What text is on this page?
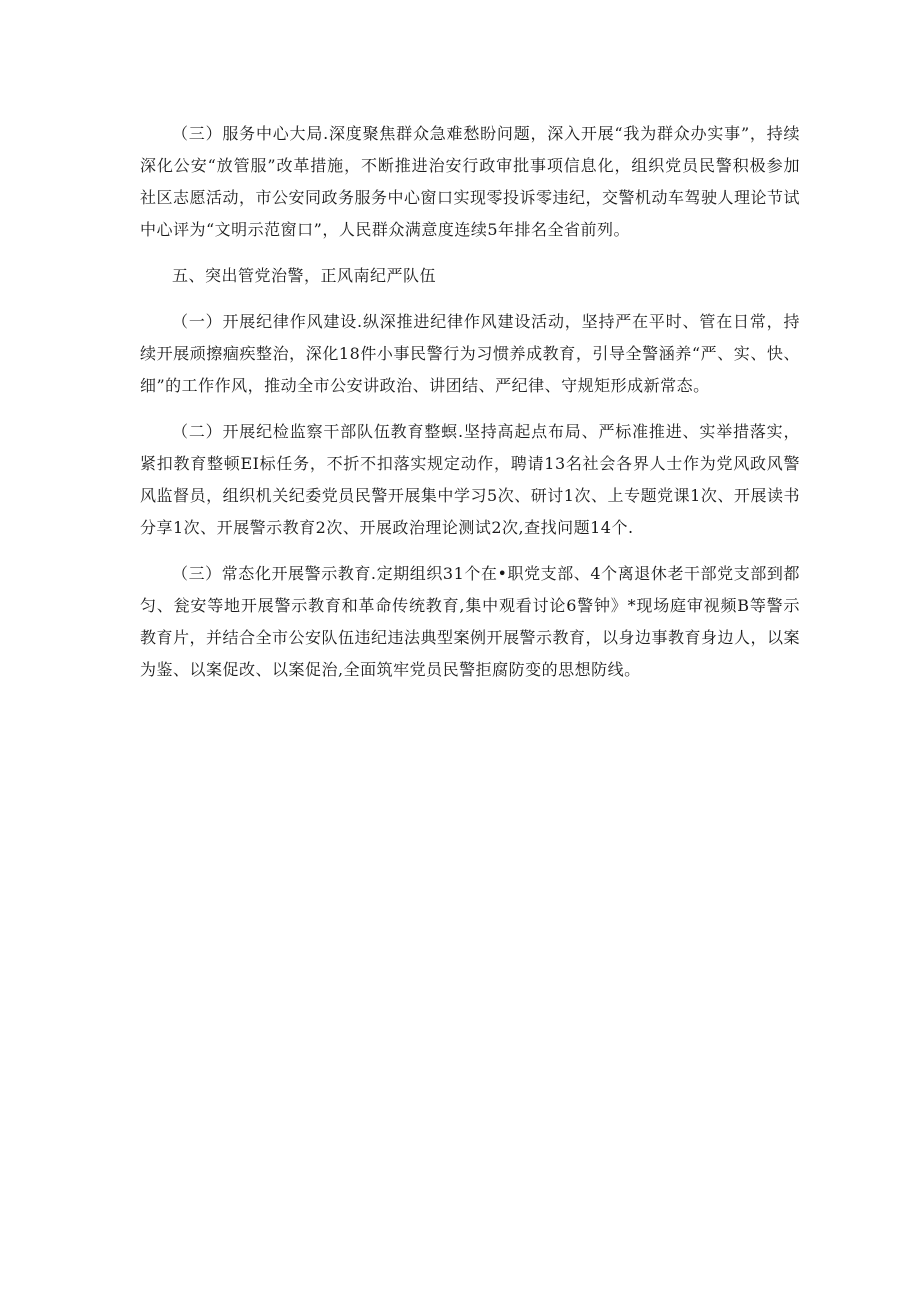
（三）服务中心大局.深度聚焦群众急难愁盼问题，深入开展“我为群众办实事”，持续深化公安“放管服”改革措施，不断推进治安行政审批事项信息化，组织党员民警积极参加社区志愿活动，市公安同政务服务中心窗口实现零投诉零违纪，交警机动车驾驶人理论节试中心评为“文明示范窗口”，人民群众满意度连续5年排名全省前列。

五、突出管党治警，正风南纪严队伍

（一）开展纪律作风建设.纵深推进纪律作风建设活动，坚持严在平时、管在日常，持续开展顽擦痼疾整治，深化18件小事民警行为习惯养成教育，引导全警涵养“严、实、快、细”的工作作风，推动全市公安讲政治、讲团结、严纪律、守规矩形成新常态。

（二）开展纪检监察干部队伍教育整螟.坚持高起点布局、严标准推进、实举措落实，紧扣教育整顿EI标任务，不折不扣落实规定动作，聘请13名社会各界人士作为党风政风警风监督员，组织机关纪委党员民警开展集中学习5次、研讨1次、上专题党课1次、开展读书分享1次、开展警示教育2次、开展政治理论测试2次,查找问题14个.

（三）常态化开展警示教育.定期组织31个在•职党支部、4个离退休老干部党支部到都匀、瓮安等地开展警示教育和革命传统教育,集中观看讨论6警钟》*现场庭审视频B等警示教育片，并结合全市公安队伍违纪违法典型案例开展警示教育，以身边事教育身边人，以案为鉴、以案促改、以案促治,全面筑牢党员民警拒腐防变的思想防线。
